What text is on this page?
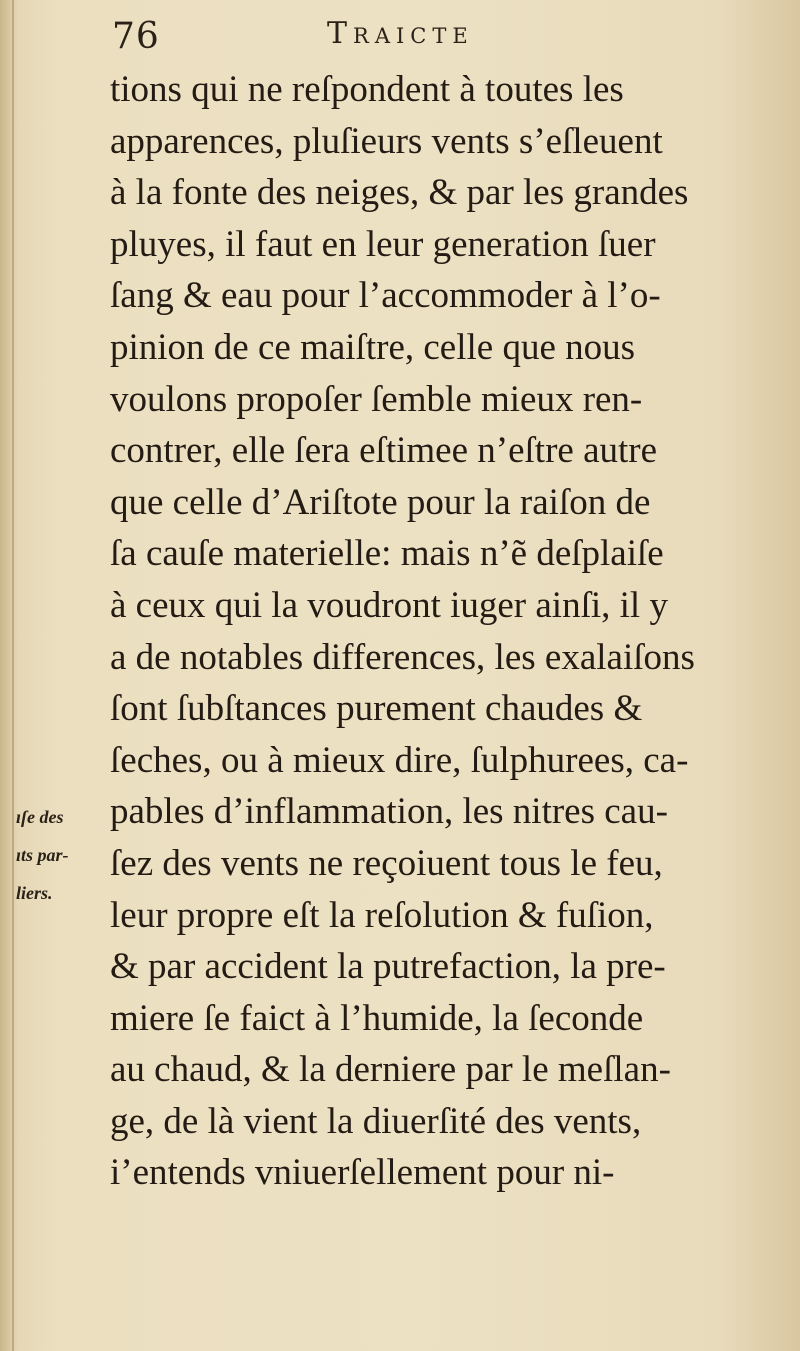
76	Traicte
ıſe des
ıts par-
liers.
tions qui ne reſpondent à toutes les
apparences, pluſieurs vents s’eſleuent
à la fonte des neiges, & par les grandes
pluyes, il faut en leur generation ſuer
ſang & eau pour l’accommoder à l’o-
pinion de ce maiſtre, celle que nous
voulons propoſer ſemble mieux ren-
contrer, elle ſera eſtimee n’eſtre autre
que celle d’Ariſtote pour la raiſon de
ſa cauſe materielle: mais n’ẽ deſplaiſe
à ceux qui la voudront iuger ainſi, il y
a de notables differences, les exalaiſons
ſont ſubſtances purement chaudes &
ſeches, ou à mieux dire, ſulphurees, ca-
pables d’inflammation, les nitres cau-
ſez des vents ne reçoiuent tous le feu,
leur propre eſt la reſolution & fuſion,
& par accident la putrefaction, la pre-
miere ſe faict à l’humide, la ſeconde
au chaud, & la derniere par le meſlan-
ge, de là vient la diuerſité des vents,
i’entends vniuerſellement pour ni-
